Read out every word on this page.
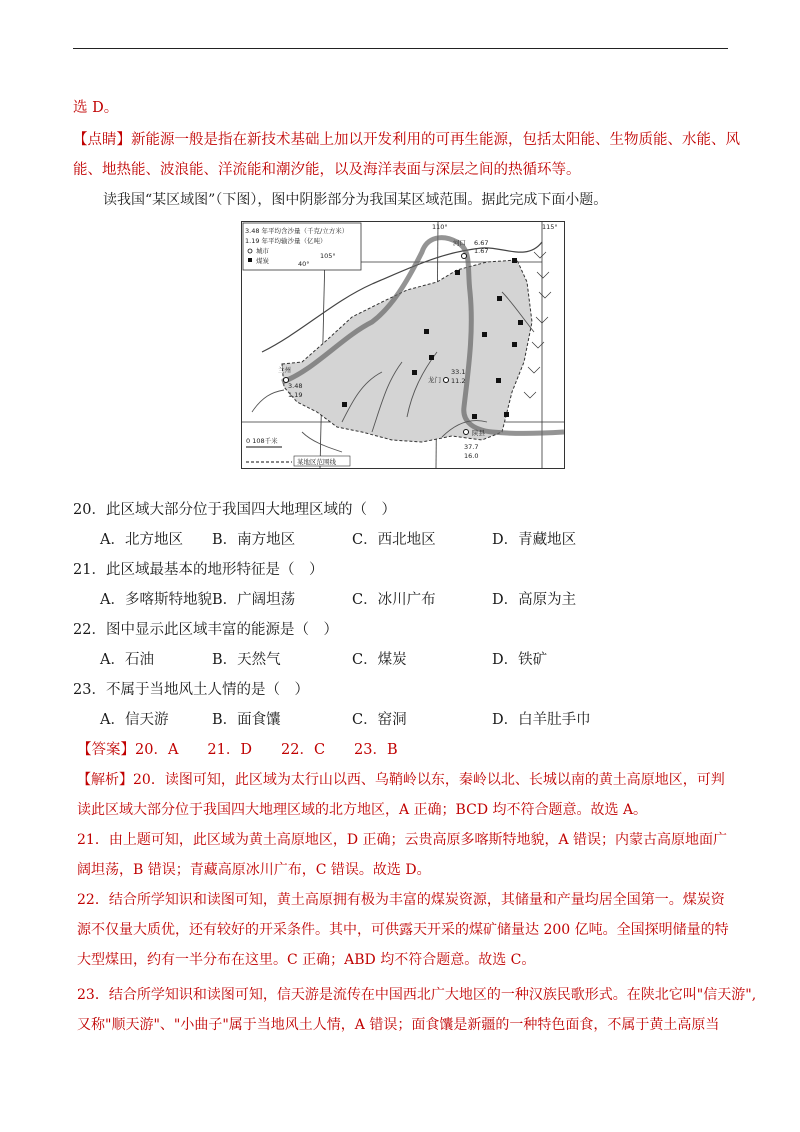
选 D。
【点睛】新能源一般是指在新技术基础上加以开发利用的可再生能源，包括太阳能、生物质能、水能、风
能、地热能、波浪能、洋流能和潮汐能，以及海洋表面与深层之间的热循环等。
读我国“某区域图”（下图），图中阴影部分为我国某区域范围。据此完成下面小题。
3.48 年平均含沙量（千克/立方米）
1.19 年平均输沙量（亿吨）
城市
煤炭
110°	115°
105°
40°
河口 6.67
1.67
兰州
3.48
1.19
龙门
33.1
11.2
陕县
37.7
16.0
0 108千米
某地区范围线
20．此区域大部分位于我国四大地理区域的（　）
A．北方地区 B．南方地区	C．西北地区	D．青藏地区
21．此区域最基本的地形特征是（　）
A．多喀斯特地貌 B．广阔坦荡	C．冰川广布	D．高原为主
22．图中显示此区域丰富的能源是（　）
A．石油	B．天然气	C．煤炭	D．铁矿
23．不属于当地风土人情的是（　）
A．信天游	B．面食馕	C．窑洞	D．白羊肚手巾
【答案】20．A　　21．D　　22．C　　23．B
【解析】20．读图可知，此区域为太行山以西、乌鞘岭以东，秦岭以北、长城以南的黄土高原地区，可判
读此区域大部分位于我国四大地理区域的北方地区，A 正确；BCD 均不符合题意。故选 A。
21．由上题可知，此区域为黄土高原地区，D 正确；云贵高原多喀斯特地貌，A 错误；内蒙古高原地面广
阔坦荡，B 错误；青藏高原冰川广布，C 错误。故选 D。
22．结合所学知识和读图可知，黄土高原拥有极为丰富的煤炭资源，其储量和产量均居全国第一。煤炭资
源不仅量大质优，还有较好的开采条件。其中，可供露天开采的煤矿储量达 200 亿吨。全国探明储量的特
大型煤田，约有一半分布在这里。C 正确；ABD 均不符合题意。故选 C。
23．结合所学知识和读图可知，信天游是流传在中国西北广大地区的一种汉族民歌形式。在陕北它叫"信天游",
又称"顺天游"、"小曲子"属于当地风土人情，A 错误；面食馕是新疆的一种特色面食，不属于黄土高原当
